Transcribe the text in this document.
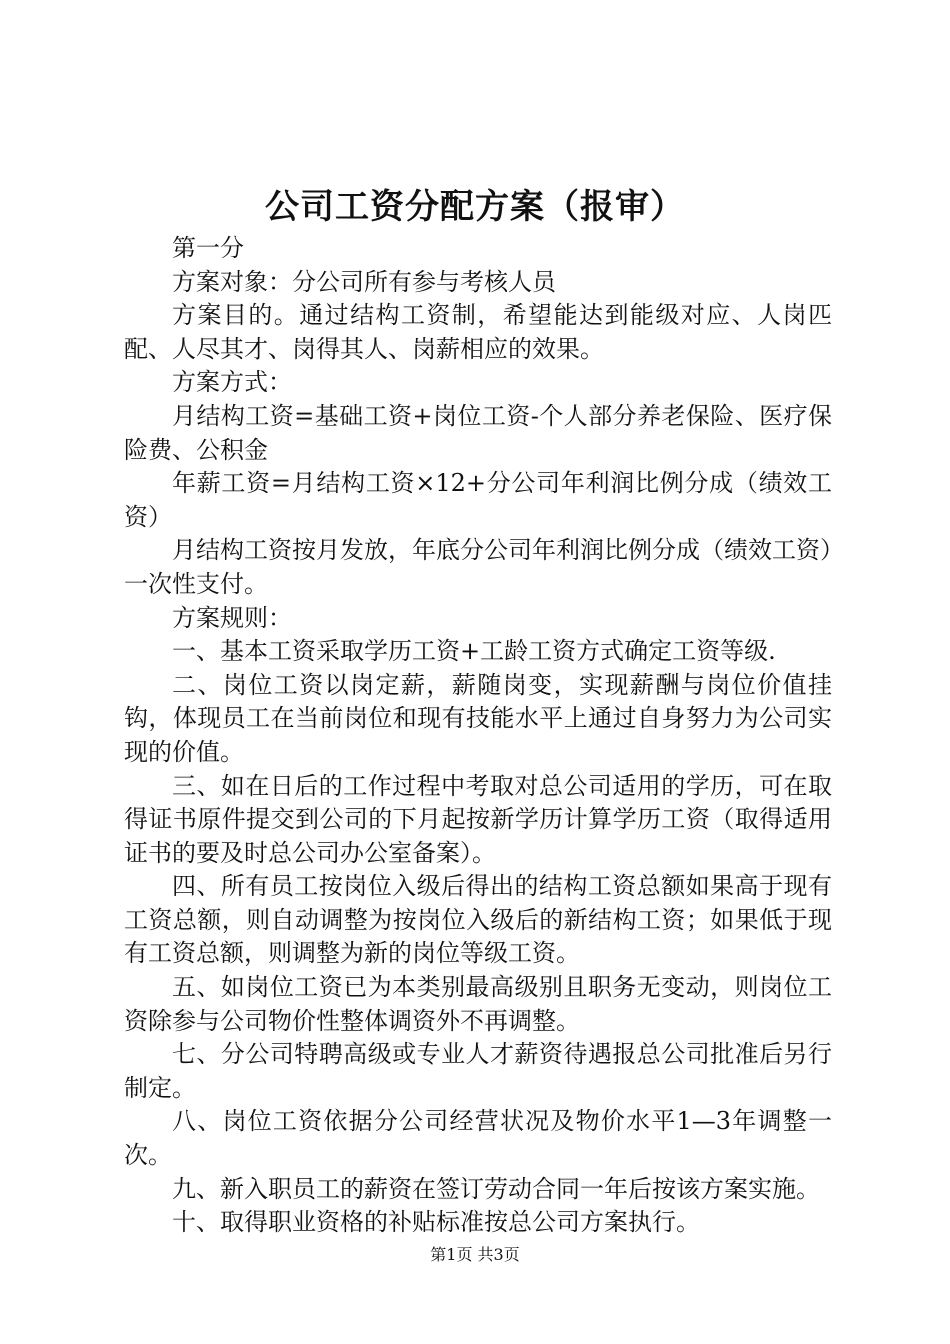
公司工资分配方案（报审）

第一分

方案对象：分公司所有参与考核人员

方案目的。通过结构工资制，希望能达到能级对应、人岗匹配、人尽其才、岗得其人、岗薪相应的效果。

方案方式：

月结构工资=基础工资+岗位工资-个人部分养老保险、医疗保险费、公积金

年薪工资=月结构工资×12+分公司年利润比例分成（绩效工资）

月结构工资按月发放，年底分公司年利润比例分成（绩效工资）一次性支付。

方案规则：

一、基本工资采取学历工资+工龄工资方式确定工资等级.

二、岗位工资以岗定薪，薪随岗变，实现薪酬与岗位价值挂钩，体现员工在当前岗位和现有技能水平上通过自身努力为公司实现的价值。

三、如在日后的工作过程中考取对总公司适用的学历，可在取得证书原件提交到公司的下月起按新学历计算学历工资（取得适用证书的要及时总公司办公室备案）。

四、所有员工按岗位入级后得出的结构工资总额如果高于现有工资总额，则自动调整为按岗位入级后的新结构工资；如果低于现有工资总额，则调整为新的岗位等级工资。

五、如岗位工资已为本类别最高级别且职务无变动，则岗位工资除参与公司物价性整体调资外不再调整。

七、分公司特聘高级或专业人才薪资待遇报总公司批准后另行制定。

八、岗位工资依据分公司经营状况及物价水平1—3年调整一次。

九、新入职员工的薪资在签订劳动合同一年后按该方案实施。

十、取得职业资格的补贴标准按总公司方案执行。

第1页 共3页
